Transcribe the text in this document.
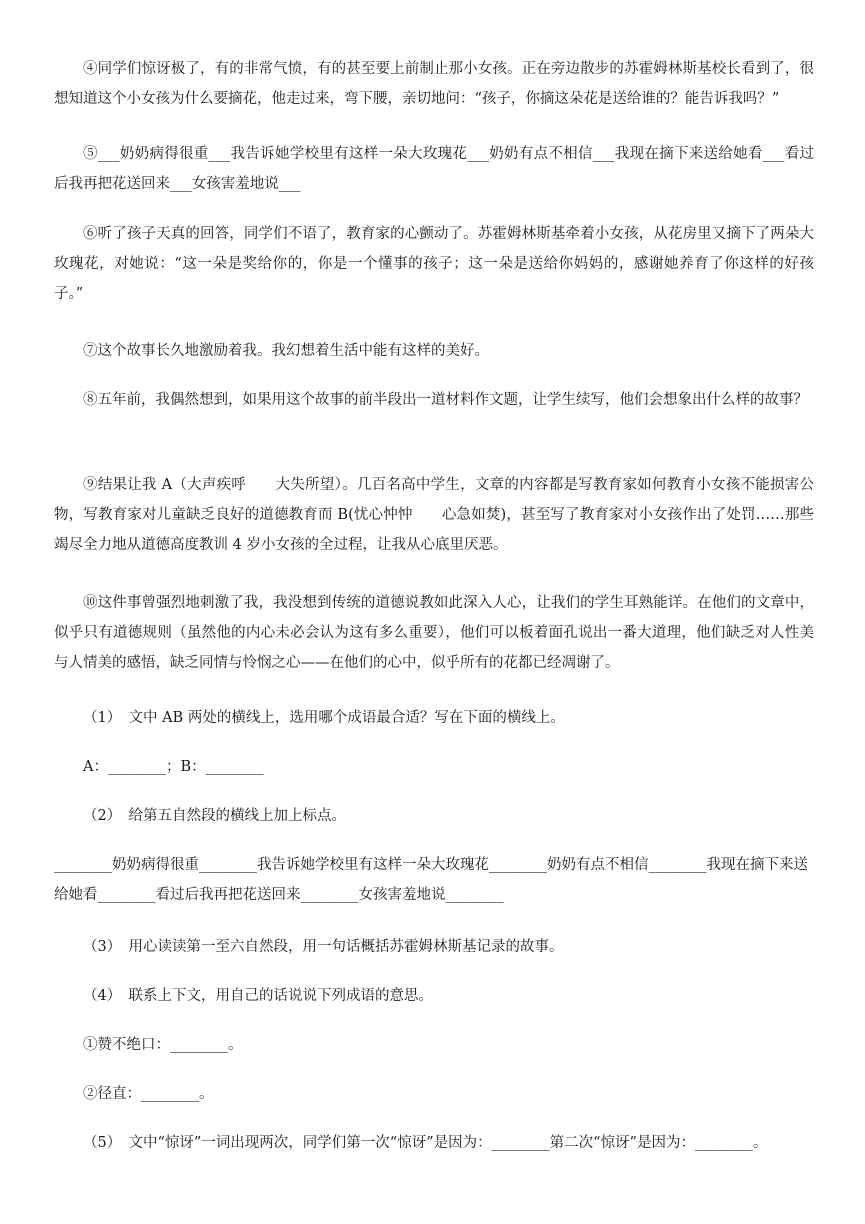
④同学们惊讶极了，有的非常气愤，有的甚至要上前制止那小女孩。正在旁边散步的苏霍姆林斯基校长看到了，很想知道这个小女孩为什么要摘花，他走过来，弯下腰，亲切地问：“孩子，你摘这朵花是送给谁的？能告诉我吗？”

⑤___奶奶病得很重___我告诉她学校里有这样一朵大玫瑰花___奶奶有点不相信___我现在摘下来送给她看___看过后我再把花送回来___女孩害羞地说___

⑥听了孩子天真的回答，同学们不语了，教育家的心颤动了。苏霍姆林斯基牵着小女孩，从花房里又摘下了两朵大玫瑰花，对她说：“这一朵是奖给你的，你是一个懂事的孩子；这一朵是送给你妈妈的，感谢她养育了你这样的好孩子。”

⑦这个故事长久地激励着我。我幻想着生活中能有这样的美好。

⑧五年前，我偶然想到，如果用这个故事的前半段出一道材料作文题，让学生续写，他们会想象出什么样的故事？

⑨结果让我 A（大声疾呼　　大失所望）。几百名高中学生，文章的内容都是写教育家如何教育小女孩不能损害公物，写教育家对儿童缺乏良好的道德教育而 B(忧心忡忡　　心急如焚)，甚至写了教育家对小女孩作出了处罚……那些竭尽全力地从道德高度教训 4 岁小女孩的全过程，让我从心底里厌恶。

⑩这件事曾强烈地刺激了我，我没想到传统的道德说教如此深入人心，让我们的学生耳熟能详。在他们的文章中，似乎只有道德规则（虽然他的内心未必会认为这有多么重要），他们可以板着面孔说出一番大道理，他们缺乏对人性美与人情美的感悟，缺乏同情与怜悯之心——在他们的心中，似乎所有的花都已经凋谢了。

（1）　文中 AB 两处的横线上，选用哪个成语最合适？写在下面的横线上。

A：________；B：________

（2）　给第五自然段的横线上加上标点。

________奶奶病得很重________我告诉她学校里有这样一朵大玫瑰花________奶奶有点不相信________我现在摘下来送给她看________看过后我再把花送回来________女孩害羞地说________

（3）　用心读读第一至六自然段，用一句话概括苏霍姆林斯基记录的故事。

（4）　联系上下文，用自己的话说说下列成语的意思。

①赞不绝口：________。

②径直：________。

（5）　文中“惊讶”一词出现两次，同学们第一次“惊讶”是因为：________第二次“惊讶”是因为：________。
